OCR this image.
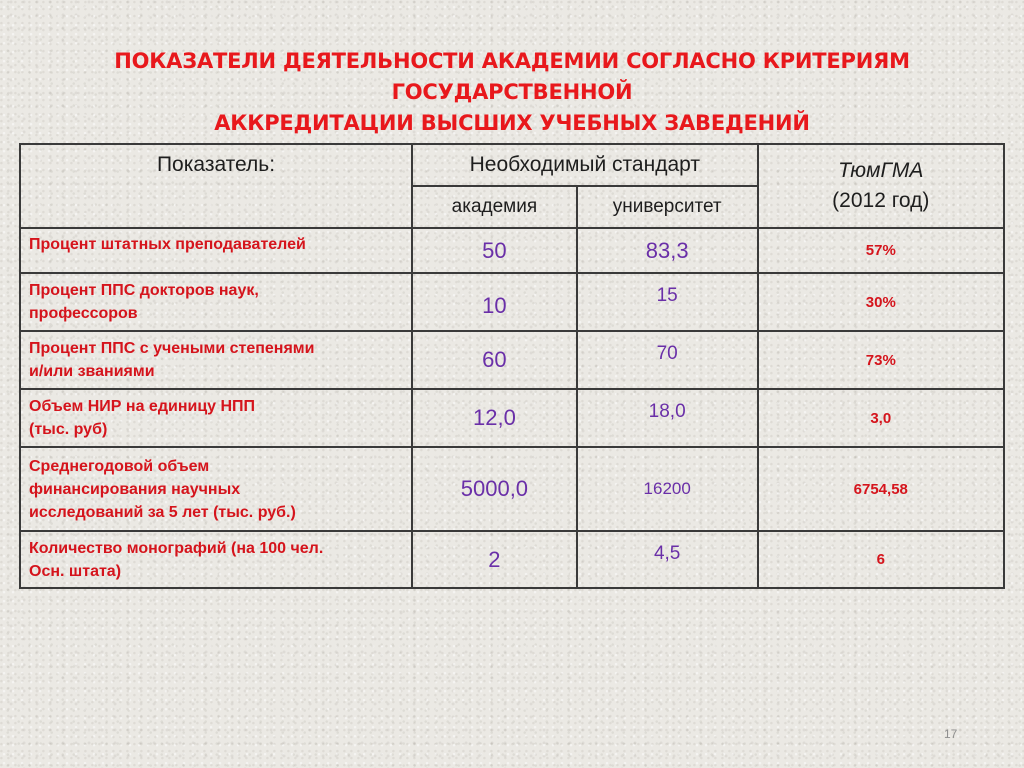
ПОКАЗАТЕЛИ ДЕЯТЕЛЬНОСТИ АКАДЕМИИ СОГЛАСНО КРИТЕРИЯМ ГОСУДАРСТВЕННОЙ
АККРЕДИТАЦИИ ВЫСШИХ УЧЕБНЫХ ЗАВЕДЕНИЙ
Показатель:	Необходимый стандарт		ТюмГМА
(2012 год)

	академия	университет	

Процент штатных преподавателей	50	83,3	57%

Процент ППС докторов наук,
профессоров	10	15	30%

Процент ППС с учеными степенями
и/или званиями	60	70	73%

Объем НИР на единицу НПП
(тыс. руб)	12,0	18,0	3,0

Среднегодовой объем
финансирования научных
исследований за 5 лет (тыс. руб.)	5000,0	16200	6754,58

Количество монографий (на 100 чел.
Осн. штата)	2	4,5	6
17
